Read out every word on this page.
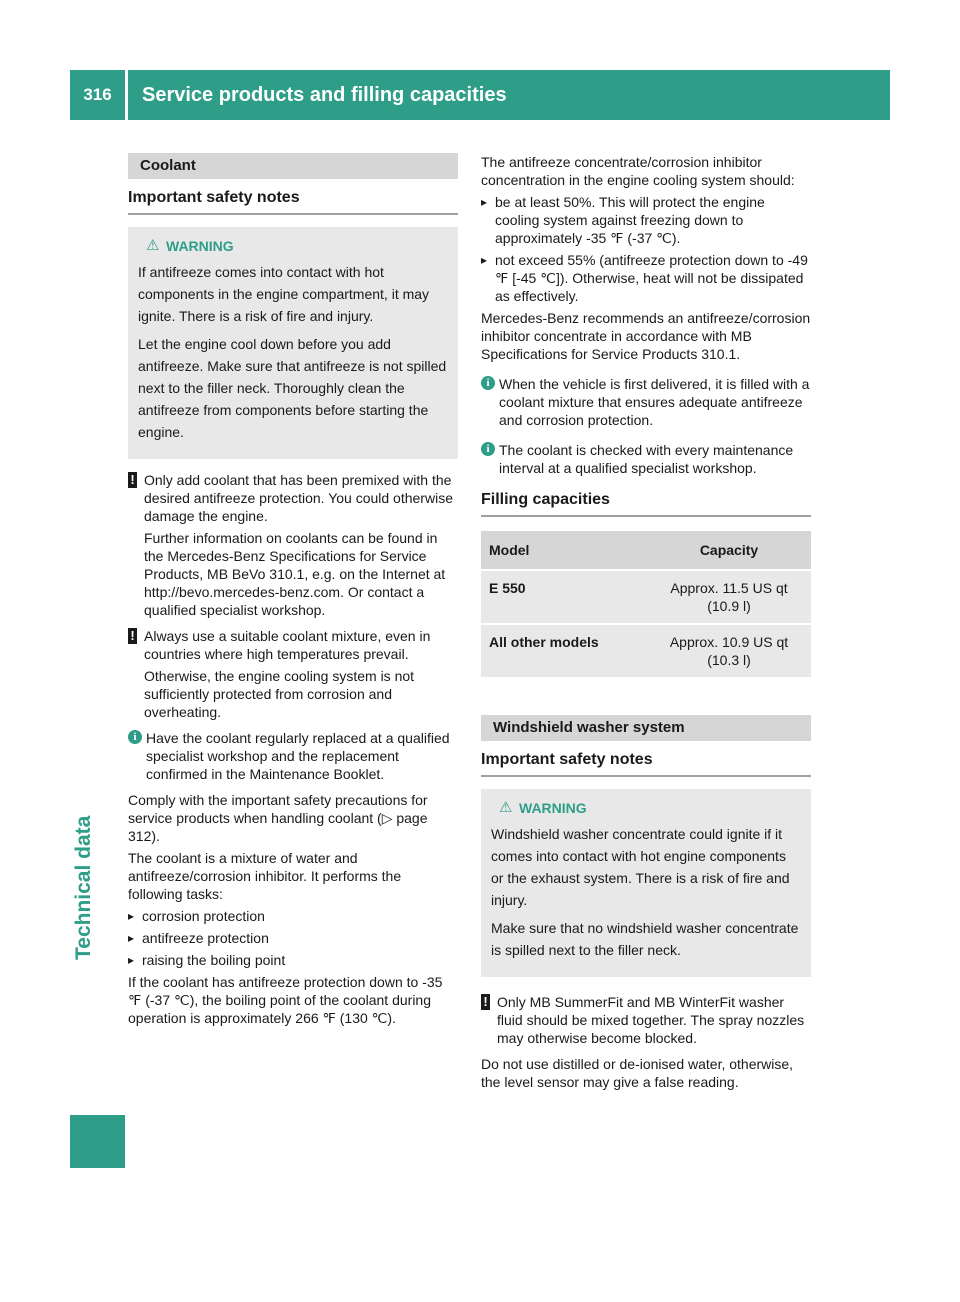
316	Service products and filling capacities
Technical data
Coolant
Important safety notes
⚠ WARNING

If antifreeze comes into contact with hot components in the engine compartment, it may ignite. There is a risk of fire and injury.

Let the engine cool down before you add antifreeze. Make sure that antifreeze is not spilled next to the filler neck. Thoroughly clean the antifreeze from components before starting the engine.

! Only add coolant that has been premixed with the desired antifreeze protection. You could otherwise damage the engine.

Further information on coolants can be found in the Mercedes-Benz Specifications for Service Products, MB BeVo 310.1, e.g. on the Internet at http://bevo.mercedes-benz.com. Or contact a qualified specialist workshop.

! Always use a suitable coolant mixture, even in countries where high temperatures prevail.

Otherwise, the engine cooling system is not sufficiently protected from corrosion and overheating.

i Have the coolant regularly replaced at a qualified specialist workshop and the replacement confirmed in the Maintenance Booklet.

Comply with the important safety precautions for service products when handling coolant (▷ page 312).

The coolant is a mixture of water and antifreeze/corrosion inhibitor. It performs the following tasks:

▸ corrosion protection
▸ antifreeze protection
▸ raising the boiling point

If the coolant has antifreeze protection down to -35 ℉ (-37 ℃), the boiling point of the coolant during operation is approximately 266 ℉ (130 ℃).

The antifreeze concentrate/corrosion inhibitor concentration in the engine cooling system should:

▸ be at least 50%. This will protect the engine cooling system against freezing down to approximately -35 ℉ (-37 ℃).
▸ not exceed 55% (antifreeze protection down to -49 ℉ [-45 ℃]). Otherwise, heat will not be dissipated as effectively.

Mercedes-Benz recommends an antifreeze/corrosion inhibitor concentrate in accordance with MB Specifications for Service Products 310.1.

i When the vehicle is first delivered, it is filled with a coolant mixture that ensures adequate antifreeze and corrosion protection.

i The coolant is checked with every maintenance interval at a qualified specialist workshop.

Filling capacities
Model	Capacity
E 550	Approx. 11.5 US qt (10.9 l)
All other models	Approx. 10.9 US qt (10.3 l)
Windshield washer system
Important safety notes
⚠ WARNING

Windshield washer concentrate could ignite if it comes into contact with hot engine components or the exhaust system. There is a risk of fire and injury.

Make sure that no windshield washer concentrate is spilled next to the filler neck.

! Only MB SummerFit and MB WinterFit washer fluid should be mixed together. The spray nozzles may otherwise become blocked.

Do not use distilled or de-ionised water, otherwise, the level sensor may give a false reading.
